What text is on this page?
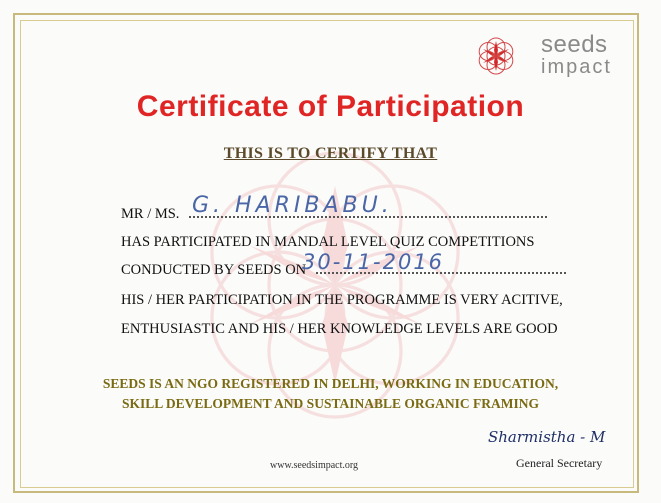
seeds
impact
Certificate of Participation
THIS IS TO CERTIFY THAT
MR / MS. G. HARIBABU.
HAS PARTICIPATED IN MANDAL LEVEL QUIZ COMPETITIONS
CONDUCTED BY SEEDS ON
30-11-2016
HIS / HER PARTICIPATION IN THE PROGRAMME IS VERY ACITIVE,
ENTHUSIASTIC AND HIS / HER KNOWLEDGE LEVELS ARE GOOD
SEEDS IS AN NGO REGISTERED IN DELHI, WORKING IN EDUCATION,
SKILL DEVELOPMENT AND SUSTAINABLE ORGANIC FRAMING
Sharmistha - M
General Secretary
www.seedsimpact.org
